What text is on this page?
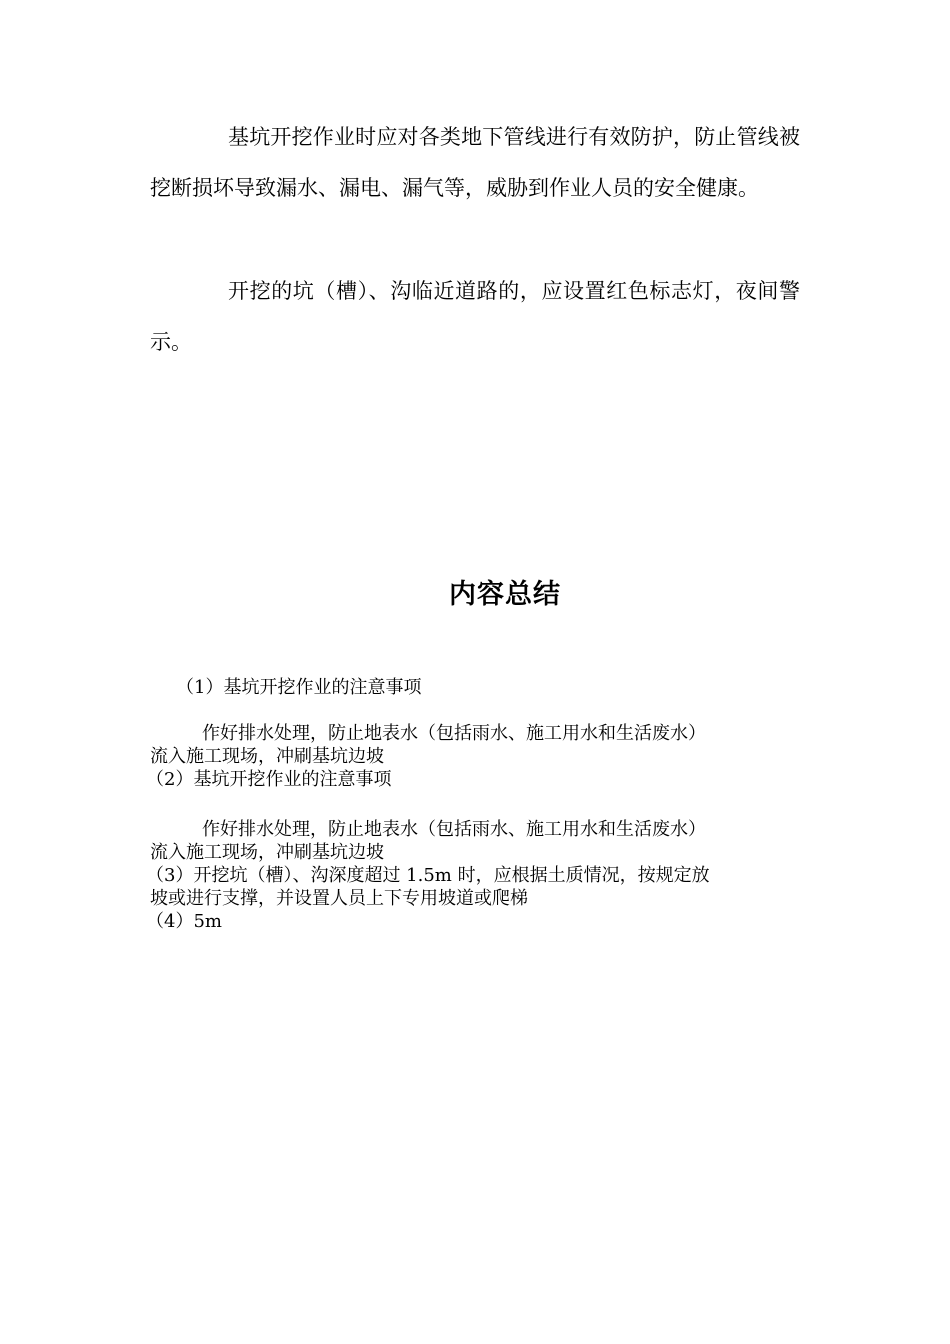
基坑开挖作业时应对各类地下管线进行有效防护，防止管线被挖断损坏导致漏水、漏电、漏气等，威胁到作业人员的安全健康。

开挖的坑（槽）、沟临近道路的，应设置红色标志灯，夜间警示。

内容总结
（1）基坑开挖作业的注意事项
作好排水处理，防止地表水（包括雨水、施工用水和生活废水）
流入施工现场，冲刷基坑边坡
（2）基坑开挖作业的注意事项
作好排水处理，防止地表水（包括雨水、施工用水和生活废水）
流入施工现场，冲刷基坑边坡
（3）开挖坑（槽）、沟深度超过 1.5m 时，应根据土质情况，按规定放
坡或进行支撑，并设置人员上下专用坡道或爬梯
（4）5m
